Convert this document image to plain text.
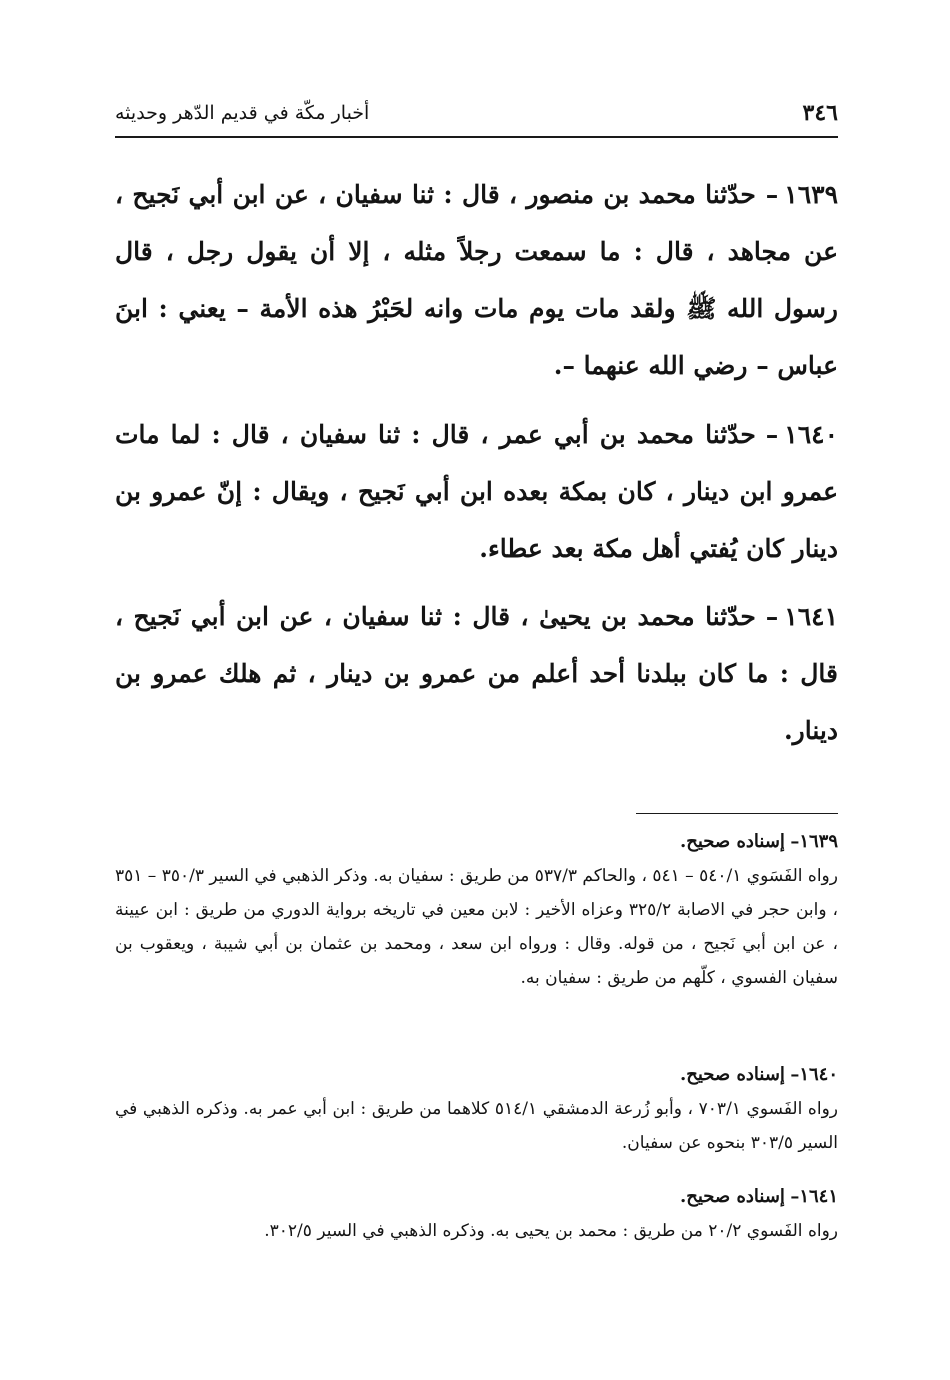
٣٤٦
أخبار مكّة في قديم الدّهر وحديثه
١٦٣٩–حدّثنا محمد بن منصور ، قال : ثنا سفيان ، عن ابن أبي نَجيح ، عن مجاهد ، قال : ما سمعت رجلاً مثله ، إلا أن يقول رجل ، قال رسول الله ﷺ ولقد مات يوم مات وانه لحَبْرُ هذه الأمة – يعني : ابنَ عباس – رضي الله عنهما –.
١٦٤٠–حدّثنا محمد بن أبي عمر ، قال : ثنا سفيان ، قال : لما مات عمرو ابن دينار ، كان بمكة بعده ابن أبي نَجيح ، ويقال : إنّ عمرو بن دينار كان يُفتي أهل مكة بعد عطاء.
١٦٤١–حدّثنا محمد بن يحيىٰ ، قال : ثنا سفيان ، عن ابن أبي نَجيح ، قال : ما كان ببلدنا أحد أعلم من عمرو بن دينار ، ثم هلك عمرو بن دينار.
١٦٣٩– إسناده صحيح.
رواه الفَسَوي ٥٤٠/١ – ٥٤١ ، والحاكم ٥٣٧/٣ من طريق : سفيان به. وذكر الذهبي في السير ٣٥٠/٣ – ٣٥١ ، وابن حجر في الاصابة ٣٢٥/٢ وعزاه الأخير : لابن معين في تاريخه برواية الدوري من طريق : ابن عيينة ، عن ابن أبي نَجيح ، من قوله. وقال : ورواه ابن سعد ، ومحمد بن عثمان بن أبي شيبة ، ويعقوب بن سفيان الفسوي ، كلّهم من طريق : سفيان به.
١٦٤٠– إسناده صحيح.
رواه الفَسوي ٧٠٣/١ ، وأبو زُرعة الدمشقي ٥١٤/١ كلاهما من طريق : ابن أبي عمر به. وذكره الذهبي في السير ٣٠٣/٥ بنحوه عن سفيان.
١٦٤١– إسناده صحيح.
رواه الفَسوي ٢٠/٢ من طريق : محمد بن يحيى به. وذكره الذهبي في السير ٣٠٢/٥.
